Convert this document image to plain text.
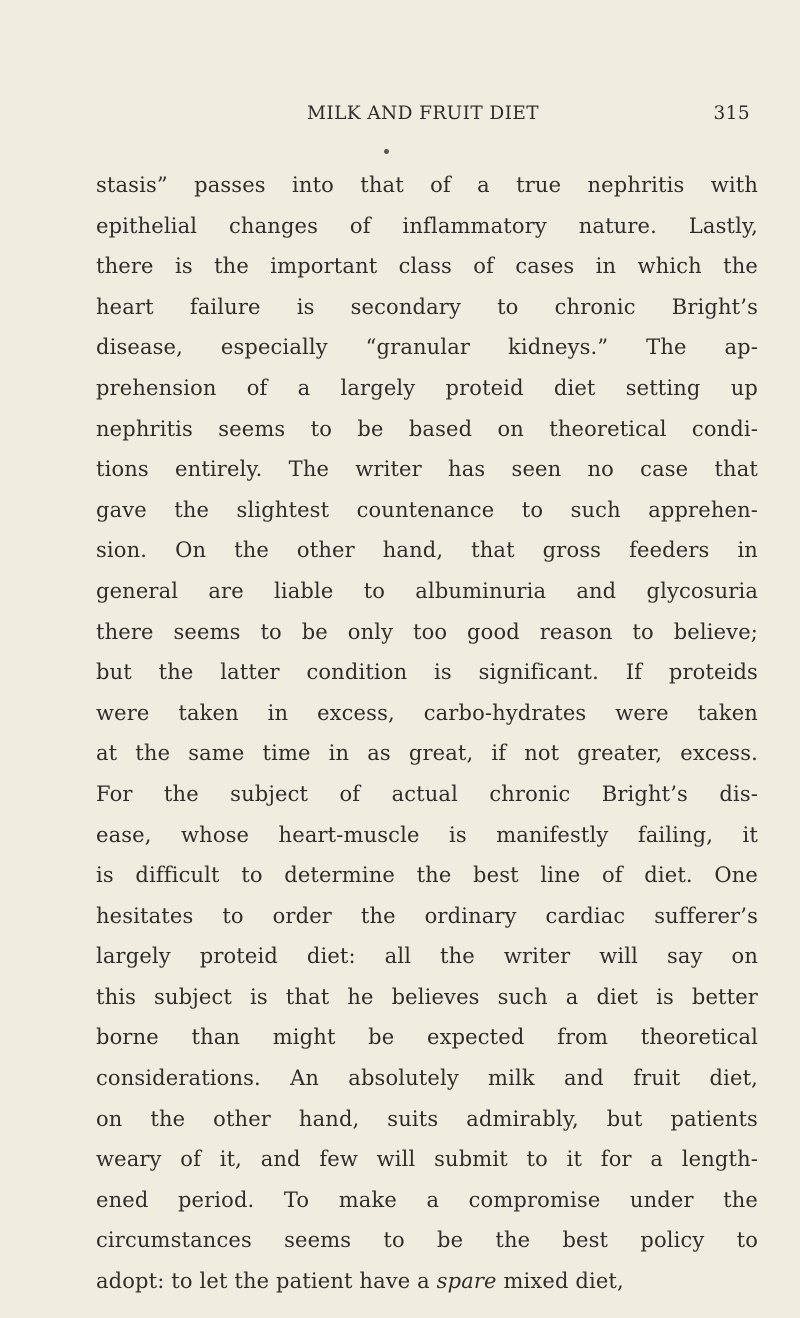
MILK AND FRUIT DIET	315
stasis” passes into that of a true nephritis with
epithelial changes of inflammatory nature. Lastly,
there is the important class of cases in which the
heart failure is secondary to chronic Bright’s
disease, especially “granular kidneys.” The ap-
prehension of a largely proteid diet setting up
nephritis seems to be based on theoretical condi-
tions entirely. The writer has seen no case that
gave the slightest countenance to such apprehen-
sion. On the other hand, that gross feeders in
general are liable to albuminuria and glycosuria
there seems to be only too good reason to believe;
but the latter condition is significant. If proteids
were taken in excess, carbo-hydrates were taken
at the same time in as great, if not greater, excess.
For the subject of actual chronic Bright’s dis-
ease, whose heart-muscle is manifestly failing, it
is difficult to determine the best line of diet. One
hesitates to order the ordinary cardiac sufferer’s
largely proteid diet: all the writer will say on
this subject is that he believes such a diet is better
borne than might be expected from theoretical
considerations. An absolutely milk and fruit diet,
on the other hand, suits admirably, but patients
weary of it, and few will submit to it for a length-
ened period. To make a compromise under the
circumstances seems to be the best policy to
adopt: to let the patient have a spare mixed diet,
